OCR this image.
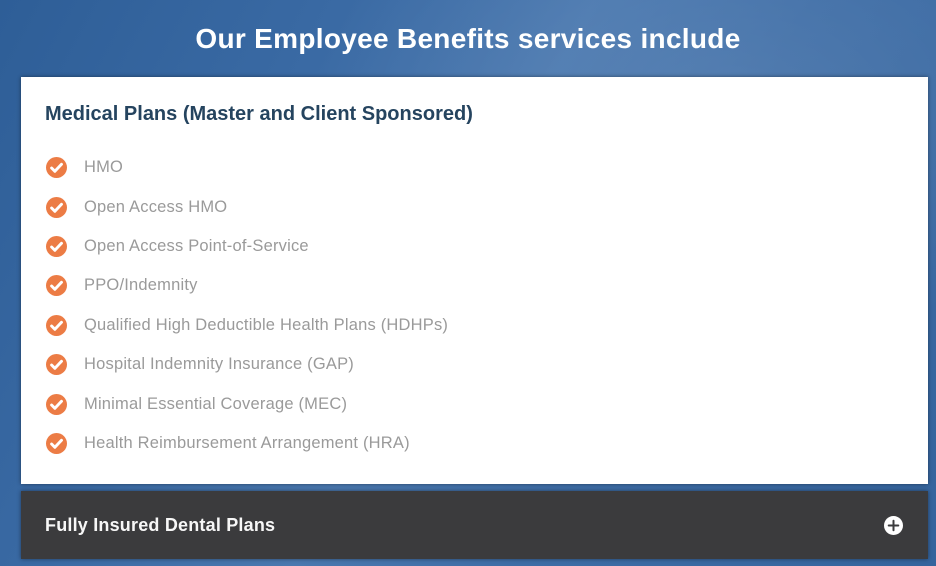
Our Employee Benefits services include
Medical Plans (Master and Client Sponsored)
HMO
Open Access HMO
Open Access Point-of-Service
PPO/Indemnity
Qualified High Deductible Health Plans (HDHPs)
Hospital Indemnity Insurance (GAP)
Minimal Essential Coverage (MEC)
Health Reimbursement Arrangement (HRA)
Fully Insured Dental Plans
